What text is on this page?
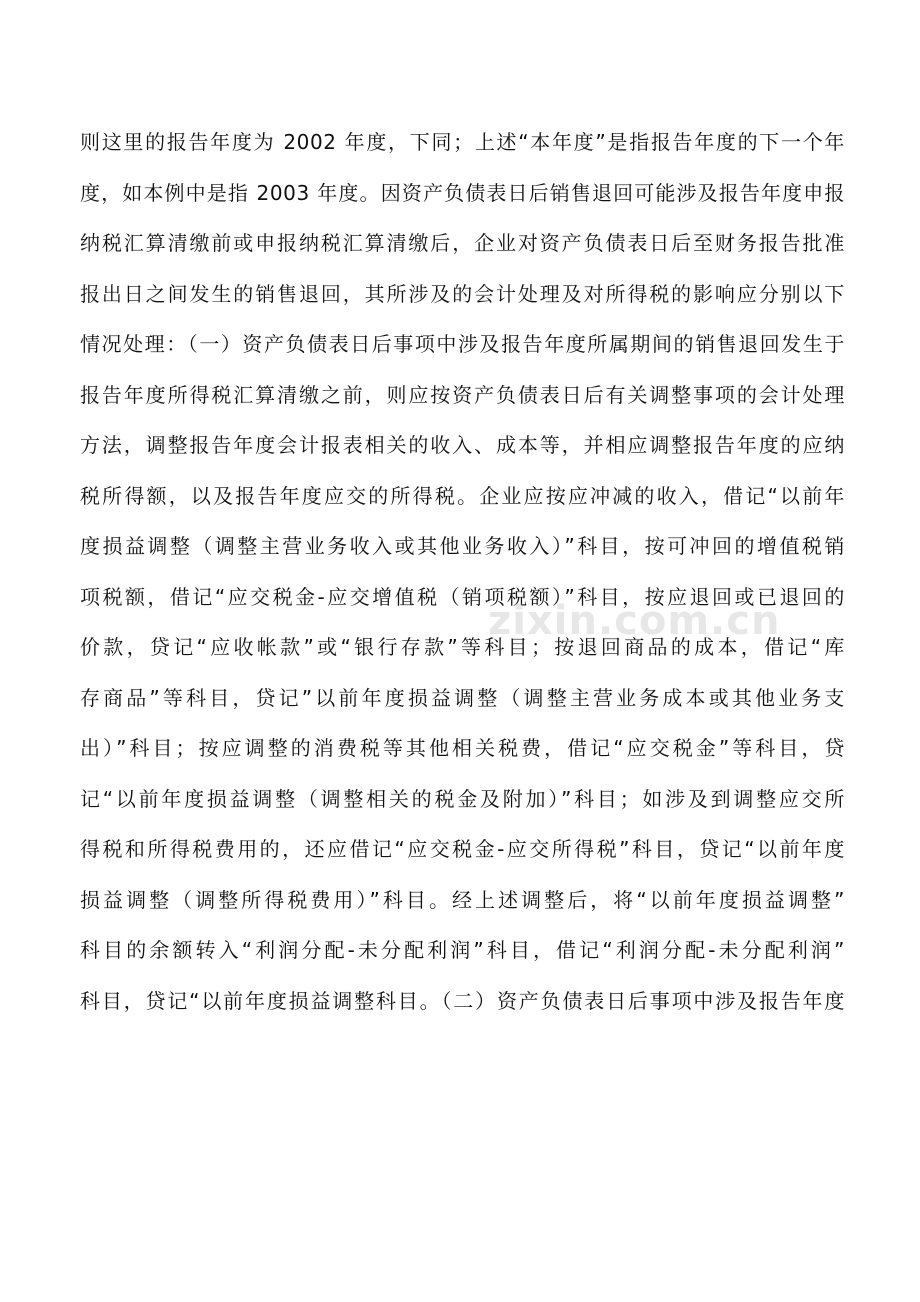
则这里的报告年度为 2002 年度，下同；上述“本年度”是指报告年度的下一个年
度，如本例中是指 2003 年度。因资产负债表日后销售退回可能涉及报告年度申报
纳税汇算清缴前或申报纳税汇算清缴后，企业对资产负债表日后至财务报告批准
报出日之间发生的销售退回，其所涉及的会计处理及对所得税的影响应分别以下
情况处理：（一）资产负债表日后事项中涉及报告年度所属期间的销售退回发生于
报告年度所得税汇算清缴之前，则应按资产负债表日后有关调整事项的会计处理
方法，调整报告年度会计报表相关的收入、成本等，并相应调整报告年度的应纳
税所得额，以及报告年度应交的所得税。企业应按应冲减的收入，借记“以前年
度损益调整（调整主营业务收入或其他业务收入）”科目，按可冲回的增值税销
项税额，借记“应交税金-应交增值税（销项税额）”科目，按应退回或已退回的
价款，贷记“应收帐款”或“银行存款”等科目；按退回商品的成本，借记“库
存商品”等科目，贷记”以前年度损益调整（调整主营业务成本或其他业务支
出）”科目；按应调整的消费税等其他相关税费，借记“应交税金”等科目，贷
记“以前年度损益调整（调整相关的税金及附加）”科目；如涉及到调整应交所
得税和所得税费用的，还应借记“应交税金-应交所得税”科目，贷记“以前年度
损益调整（调整所得税费用）”科目。经上述调整后，将“以前年度损益调整”
科目的余额转入“利润分配-未分配利润”科目，借记“利润分配-未分配利润”
科目，贷记“以前年度损益调整科目。（二）资产负债表日后事项中涉及报告年度
zixin.com.cn
